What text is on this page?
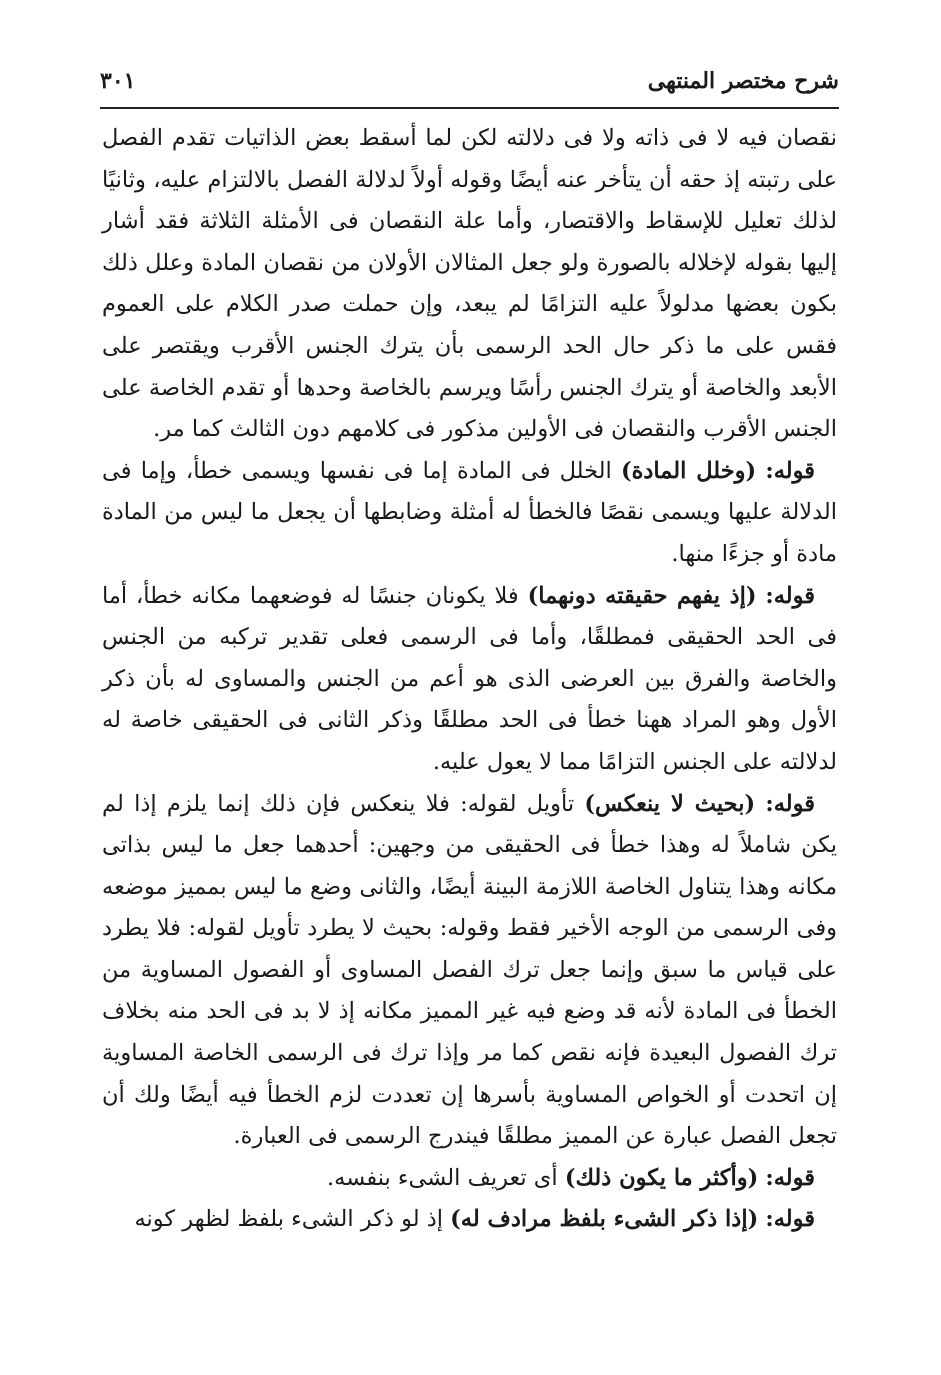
شرح مختصر المنتهى
٣٠١

نقصان فيه لا فى ذاته ولا فى دلالته لكن لما أسقط بعض الذاتيات تقدم الفصل على رتبته إذ حقه أن يتأخر عنه أيضًا وقوله أولاً لدلالة الفصل بالالتزام عليه، وثانيًا لذلك تعليل للإسقاط والاقتصار، وأما علة النقصان فى الأمثلة الثلاثة فقد أشار إليها بقوله لإخلاله بالصورة ولو جعل المثالان الأولان من نقصان المادة وعلل ذلك بكون بعضها مدلولاً عليه التزامًا لم يبعد، وإن حملت صدر الكلام على العموم فقس على ما ذكر حال الحد الرسمى بأن يترك الجنس الأقرب ويقتصر على الأبعد والخاصة أو يترك الجنس رأسًا ويرسم بالخاصة وحدها أو تقدم الخاصة على الجنس الأقرب والنقصان فى الأولين مذكور فى كلامهم دون الثالث كما مر.

قوله: (وخلل المادة) الخلل فى المادة إما فى نفسها ويسمى خطأ، وإما فى الدلالة عليها ويسمى نقصًا فالخطأ له أمثلة وضابطها أن يجعل ما ليس من المادة مادة أو جزءًا منها.

قوله: (إذ يفهم حقيقته دونهما) فلا يكونان جنسًا له فوضعهما مكانه خطأ، أما فى الحد الحقيقى فمطلقًا، وأما فى الرسمى فعلى تقدير تركبه من الجنس والخاصة والفرق بين العرضى الذى هو أعم من الجنس والمساوى له بأن ذكر الأول وهو المراد ههنا خطأ فى الحد مطلقًا وذكر الثانى فى الحقيقى خاصة له لدلالته على الجنس التزامًا مما لا يعول عليه.

قوله: (بحيث لا ينعكس) تأويل لقوله: فلا ينعكس فإن ذلك إنما يلزم إذا لم يكن شاملاً له وهذا خطأ فى الحقيقى من وجهين: أحدهما جعل ما ليس بذاتى مكانه وهذا يتناول الخاصة اللازمة البينة أيضًا، والثانى وضع ما ليس بمميز موضعه وفى الرسمى من الوجه الأخير فقط وقوله: بحيث لا يطرد تأويل لقوله: فلا يطرد على قياس ما سبق وإنما جعل ترك الفصل المساوى أو الفصول المساوية من الخطأ فى المادة لأنه قد وضع فيه غير المميز مكانه إذ لا بد فى الحد منه بخلاف ترك الفصول البعيدة فإنه نقص كما مر وإذا ترك فى الرسمى الخاصة المساوية إن اتحدت أو الخواص المساوية بأسرها إن تعددت لزم الخطأ فيه أيضًا ولك أن تجعل الفصل عبارة عن المميز مطلقًا فيندرج الرسمى فى العبارة.

قوله: (وأكثر ما يكون ذلك) أى تعريف الشىء بنفسه.

قوله: (إذا ذكر الشىء بلفظ مرادف له) إذ لو ذكر الشىء بلفظ لظهر كونه
